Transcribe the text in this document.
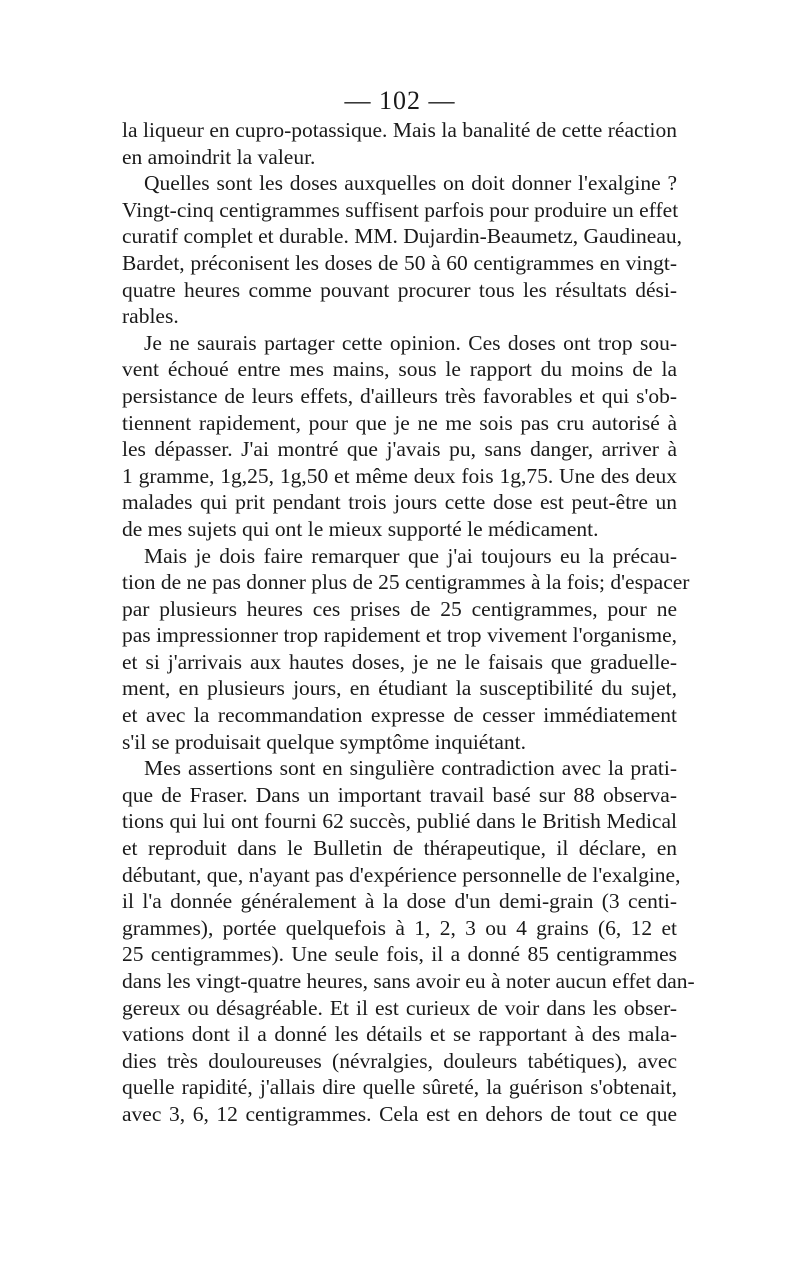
— 102 —
la liqueur en cupro-potassique. Mais la banalité de cette réaction
en amoindrit la valeur.
Quelles sont les doses auxquelles on doit donner l'exalgine ?
Vingt-cinq centigrammes suffisent parfois pour produire un effet
curatif complet et durable. MM. Dujardin-Beaumetz, Gaudineau,
Bardet, préconisent les doses de 50 à 60 centigrammes en vingt-
quatre heures comme pouvant procurer tous les résultats dési-
rables.
Je ne saurais partager cette opinion. Ces doses ont trop sou-
vent échoué entre mes mains, sous le rapport du moins de la
persistance de leurs effets, d'ailleurs très favorables et qui s'ob-
tiennent rapidement, pour que je ne me sois pas cru autorisé à
les dépasser. J'ai montré que j'avais pu, sans danger, arriver à
1 gramme, 1g,25, 1g,50 et même deux fois 1g,75. Une des deux
malades qui prit pendant trois jours cette dose est peut-être un
de mes sujets qui ont le mieux supporté le médicament.
Mais je dois faire remarquer que j'ai toujours eu la précau-
tion de ne pas donner plus de 25 centigrammes à la fois; d'espacer
par plusieurs heures ces prises de 25 centigrammes, pour ne
pas impressionner trop rapidement et trop vivement l'organisme,
et si j'arrivais aux hautes doses, je ne le faisais que graduelle-
ment, en plusieurs jours, en étudiant la susceptibilité du sujet,
et avec la recommandation expresse de cesser immédiatement
s'il se produisait quelque symptôme inquiétant.
Mes assertions sont en singulière contradiction avec la prati-
que de Fraser. Dans un important travail basé sur 88 observa-
tions qui lui ont fourni 62 succès, publié dans le British Medical
et reproduit dans le Bulletin de thérapeutique, il déclare, en
débutant, que, n'ayant pas d'expérience personnelle de l'exalgine,
il l'a donnée généralement à la dose d'un demi-grain (3 centi-
grammes), portée quelquefois à 1, 2, 3 ou 4 grains (6, 12 et
25 centigrammes). Une seule fois, il a donné 85 centigrammes
dans les vingt-quatre heures, sans avoir eu à noter aucun effet dan-
gereux ou désagréable. Et il est curieux de voir dans les obser-
vations dont il a donné les détails et se rapportant à des mala-
dies très douloureuses (névralgies, douleurs tabétiques), avec
quelle rapidité, j'allais dire quelle sûreté, la guérison s'obtenait,
avec 3, 6, 12 centigrammes. Cela est en dehors de tout ce que
